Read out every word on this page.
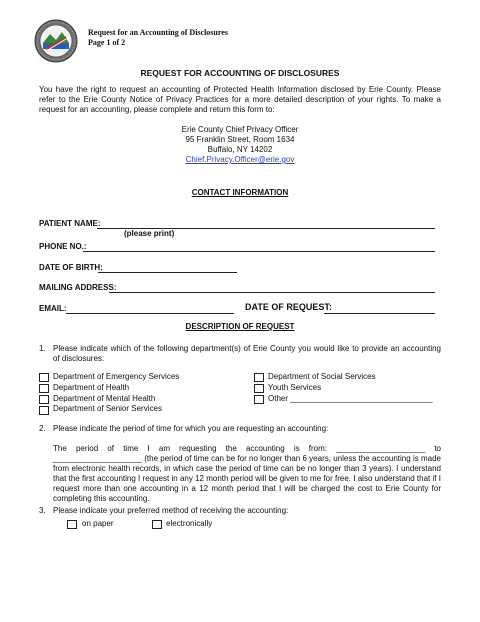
Request for an Accounting of Disclosures
Page 1 of 2
REQUEST FOR ACCOUNTING OF DISCLOSURES
You have the right to request an accounting of Protected Health Information disclosed by Erie County. Please refer to the Erie County Notice of Privacy Practices for a more detailed description of your rights. To make a request for an accounting, please complete and return this form to:
Erie County Chief Privacy Officer
95 Franklin Street, Room 1634
Buffalo, NY 14202
Chief.Privacy.Officer@erie.gov
CONTACT INFORMATION
PATIENT NAME:
(please print)
PHONE NO.:
DATE OF BIRTH:
MAILING ADDRESS:
EMAIL:	DATE OF REQUEST:
DESCRIPTION OF REQUEST
1. Please indicate which of the following department(s) of Erie County you would like to provide an accounting of disclosures:
Department of Emergency Services
Department of Health
Department of Mental Health
Department of Senior Services
Department of Social Services
Youth Services
Other ________________________________
2. Please indicate the period of time for which you are requesting an accounting:
The period of time I am requesting the accounting is from: ____________________ to ____________________ (the period of time can be for no longer than 6 years, unless the accounting is made from electronic health records, in which case the period of time can be no longer than 3 years). I understand that the first accounting I request in any 12 month period will be given to me for free. I also understand that if I request more than one accounting in a 12 month period that I will be charged the cost to Erie County for completing this accounting.
3. Please indicate your preferred method of receiving the accounting:
on paper	electronically
